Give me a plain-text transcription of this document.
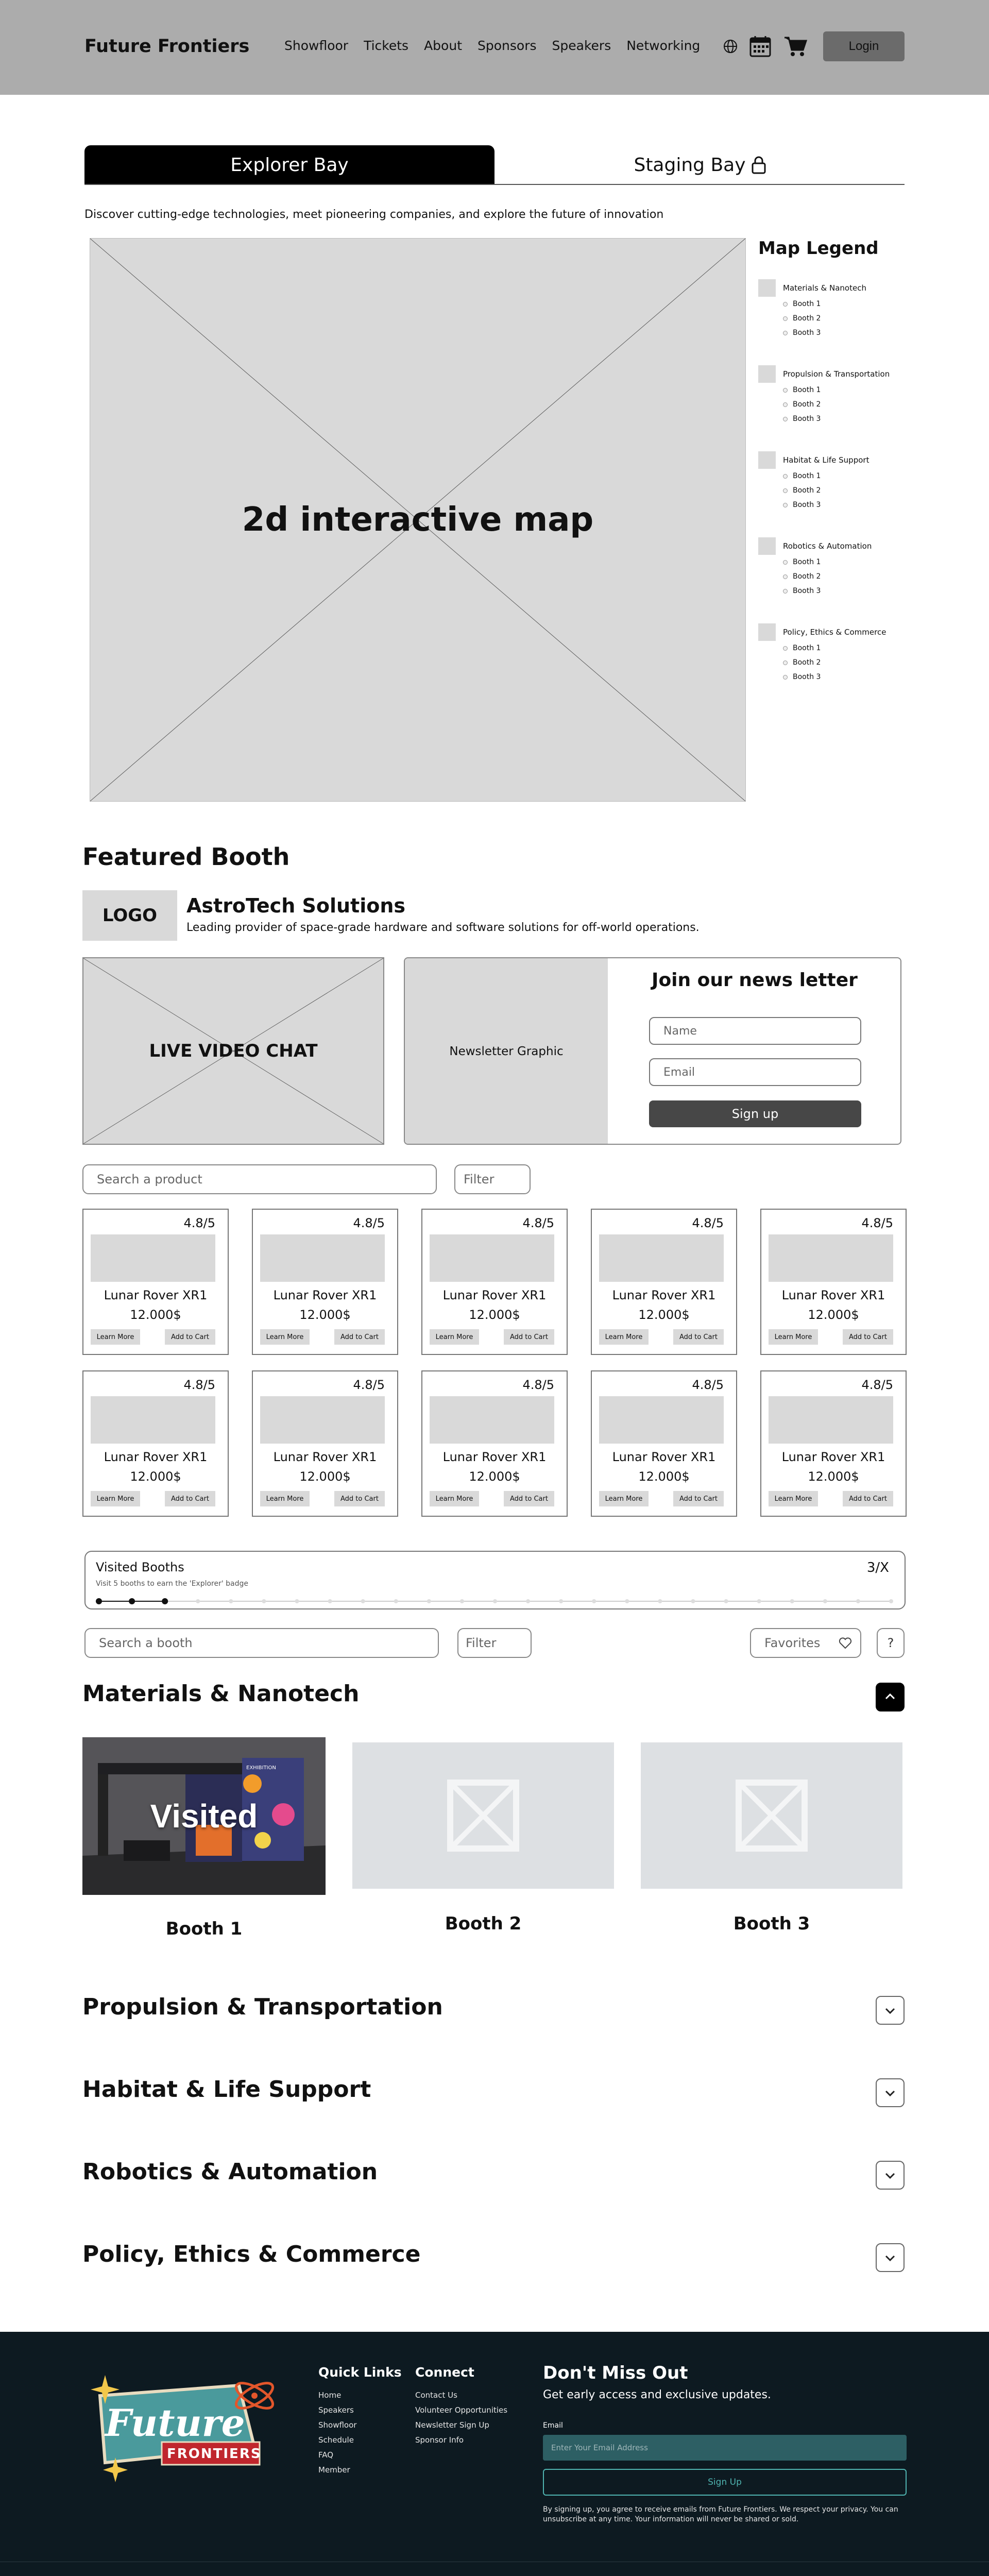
Future Frontiers	Showfloor Tickets About Sponsors Speakers Networking	Login
Explorer Bay	Staging Bay
Discover cutting-edge technologies, meet pioneering companies, and explore the future of innovation
2d interactive map
Map Legend
Materials & Nanotech
Booth 1
Booth 2
Booth 3
Propulsion & Transportation
Booth 1
Booth 2
Booth 3
Habitat & Life Support
Booth 1
Booth 2
Booth 3
Robotics & Automation
Booth 1
Booth 2
Booth 3
Policy, Ethics & Commerce
Booth 1
Booth 2
Booth 3
Featured Booth
LOGO	AstroTech Solutions
Leading provider of space-grade hardware and software solutions for off-world operations.
LIVE VIDEO CHAT	Newsletter Graphic
Join our news letter
Name
Email
Sign up
Search a product	Filter
4.8/5
Lunar Rover XR1
12.000$
Learn More	Add to Cart
4.8/5
Lunar Rover XR1
12.000$
Learn More	Add to Cart
4.8/5
Lunar Rover XR1
12.000$
Learn More	Add to Cart
4.8/5
Lunar Rover XR1
12.000$
Learn More	Add to Cart
4.8/5
Lunar Rover XR1
12.000$
Learn More	Add to Cart
4.8/5
Lunar Rover XR1
12.000$
Learn More	Add to Cart
4.8/5
Lunar Rover XR1
12.000$
Learn More	Add to Cart
4.8/5
Lunar Rover XR1
12.000$
Learn More	Add to Cart
4.8/5
Lunar Rover XR1
12.000$
Learn More	Add to Cart
4.8/5
Lunar Rover XR1
12.000$
Learn More	Add to Cart
Visited Booths
Visit 5 booths to earn the 'Explorer' badge
3/X
Search a booth	Filter	Favorites	?
Materials & Nanotech
Propulsion & Transportation
Habitat & Life Support
Robotics & Automation
Policy, Ethics & Commerce
Visited
EXHIBITION
Booth 1	Booth 2	Booth 3
Future
FRONTIERS
Quick Links
Home
Speakers
Showfloor
Schedule
FAQ
Member
Connect
Contact Us
Volunteer Opportunities
Newsletter Sign Up
Sponsor Info
Don't Miss Out
Get early access and exclusive updates.
Email
Enter Your Email Address
Sign Up
By signing up, you agree to receive emails from Future Frontiers. We respect your privacy. You can unsubscribe at any time. Your information will never be shared or sold.
